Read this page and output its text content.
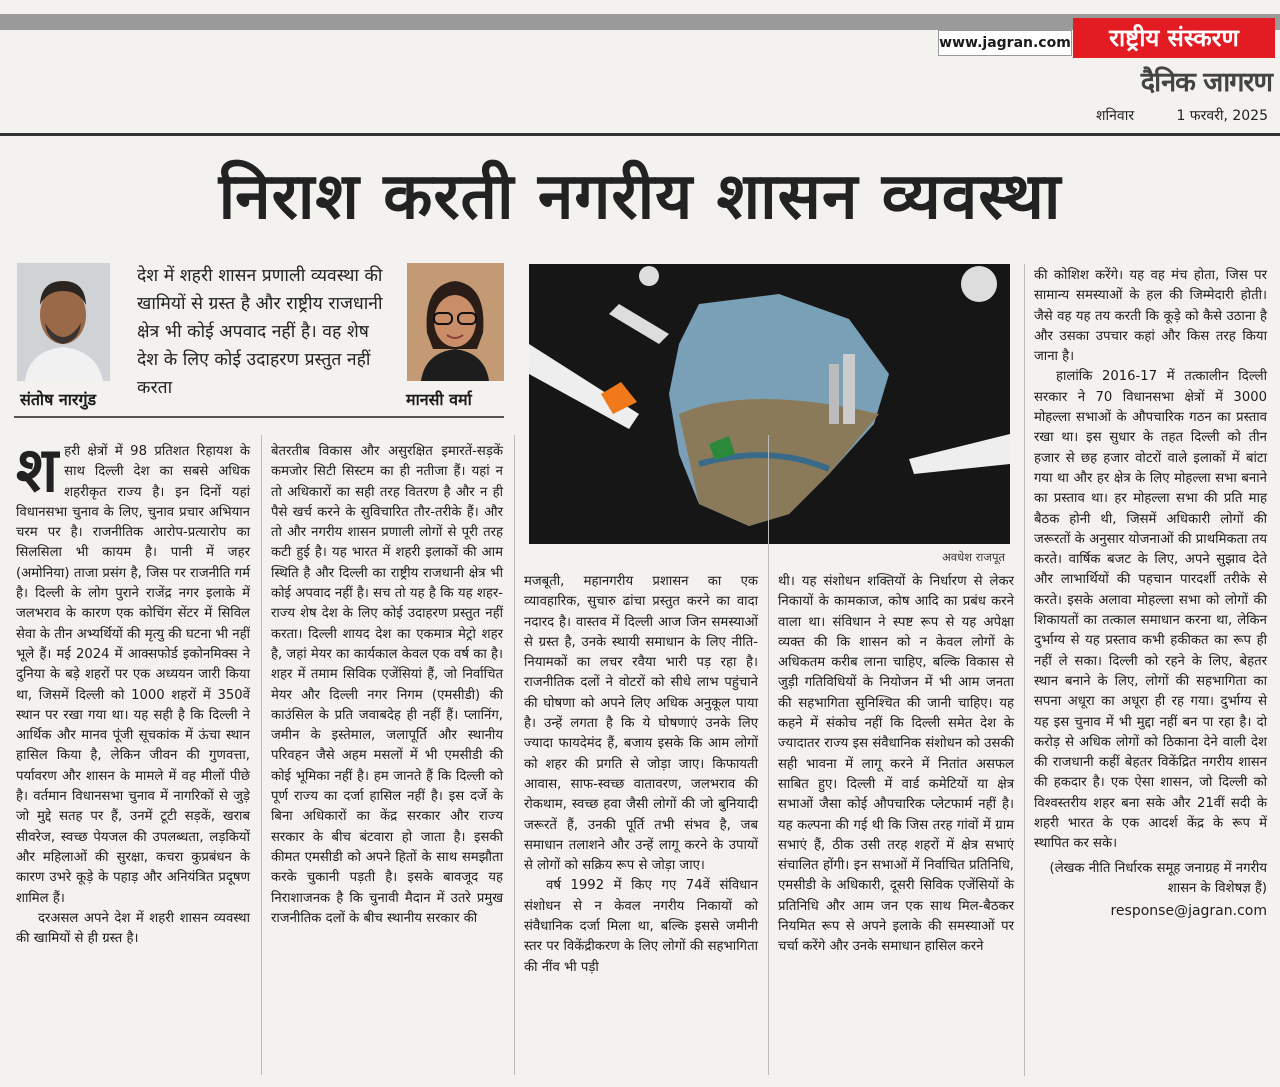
www.jagran.com	राष्ट्रीय संस्करण
दैनिक जागरण
शनिवार	1 फरवरी, 2025
निराश करती नगरीय शासन व्यवस्था
संतोष नारगुंड
देश में शहरी शासन प्रणाली व्यवस्था की खामियों से ग्रस्त है और राष्ट्रीय राजधानी क्षेत्र भी कोई अपवाद नहीं है। वह शेष देश के लिए कोई उदाहरण प्रस्तुत नहीं करता
मानसी वर्मा
अवधेश राजपूत

शहरी क्षेत्रों में 98 प्रतिशत रिहायश के साथ दिल्ली देश का सबसे अधिक शहरीकृत राज्य है। इन दिनों यहां विधानसभा चुनाव के लिए, चुनाव प्रचार अभियान चरम पर है। राजनीतिक आरोप-प्रत्यारोप का सिलसिला भी कायम है। पानी में जहर (अमोनिया) ताजा प्रसंग है, जिस पर राजनीति गर्म है। दिल्ली के लोग पुराने राजेंद्र नगर इलाके में जलभराव के कारण एक कोचिंग सेंटर में सिविल सेवा के तीन अभ्यर्थियों की मृत्यु की घटना भी नहीं भूले हैं। मई 2024 में आक्सफोर्ड इकोनमिक्स ने दुनिया के बड़े शहरों पर एक अध्ययन जारी किया था, जिसमें दिल्ली को 1000 शहरों में 350वें स्थान पर रखा गया था। यह सही है कि दिल्ली ने आर्थिक और मानव पूंजी सूचकांक में ऊंचा स्थान हासिल किया है, लेकिन जीवन की गुणवत्ता, पर्यावरण और शासन के मामले में वह मीलों पीछे है। वर्तमान विधानसभा चुनाव में नागरिकों से जुड़े जो मुद्दे सतह पर हैं, उनमें टूटी सड़कें, खराब सीवरेज, स्वच्छ पेयजल की उपलब्धता, लड़कियों और महिलाओं की सुरक्षा, कचरा कुप्रबंधन के कारण उभरे कूड़े के पहाड़ और अनियंत्रित प्रदूषण शामिल हैं।

दरअसल अपने देश में शहरी शासन व्यवस्था की खामियों से ही ग्रस्त है।

बेतरतीब विकास और असुरक्षित इमारतें-सड़कें कमजोर सिटी सिस्टम का ही नतीजा हैं। यहां न तो अधिकारों का सही तरह वितरण है और न ही पैसे खर्च करने के सुविचारित तौर-तरीके हैं। और तो और नगरीय शासन प्रणाली लोगों से पूरी तरह कटी हुई है। यह भारत में शहरी इलाकों की आम स्थिति है और दिल्ली का राष्ट्रीय राजधानी क्षेत्र भी कोई अपवाद नहीं है। सच तो यह है कि यह शहर-राज्य शेष देश के लिए कोई उदाहरण प्रस्तुत नहीं करता। दिल्ली शायद देश का एकमात्र मेट्रो शहर है, जहां मेयर का कार्यकाल केवल एक वर्ष का है। शहर में तमाम सिविक एजेंसियां हैं, जो निर्वाचित मेयर और दिल्ली नगर निगम (एमसीडी) की काउंसिल के प्रति जवाबदेह ही नहीं हैं। प्लानिंग, जमीन के इस्तेमाल, जलापूर्ति और स्थानीय परिवहन जैसे अहम मसलों में भी एमसीडी की कोई भूमिका नहीं है। हम जानते हैं कि दिल्ली को पूर्ण राज्य का दर्जा हासिल नहीं है। इस दर्जे के बिना अधिकारों का केंद्र सरकार और राज्य सरकार के बीच बंटवारा हो जाता है। इसकी कीमत एमसीडी को अपने हितों के साथ समझौता करके चुकानी पड़ती है। इसके बावजूद यह निराशाजनक है कि चुनावी मैदान में उतरे प्रमुख राजनीतिक दलों के बीच स्थानीय सरकार की

मजबूती, महानगरीय प्रशासन का एक व्यावहारिक, सुचारु ढांचा प्रस्तुत करने का वादा नदारद है। वास्तव में दिल्ली आज जिन समस्याओं से ग्रस्त है, उनके स्थायी समाधान के लिए नीति-नियामकों का लचर रवैया भारी पड़ रहा है। राजनीतिक दलों ने वोटरों को सीधे लाभ पहुंचाने की घोषणा को अपने लिए अधिक अनुकूल पाया है। उन्हें लगता है कि ये घोषणाएं उनके लिए ज्यादा फायदेमंद हैं, बजाय इसके कि आम लोगों को शहर की प्रगति से जोड़ा जाए। किफायती आवास, साफ-स्वच्छ वातावरण, जलभराव की रोकथाम, स्वच्छ हवा जैसी लोगों की जो बुनियादी जरूरतें हैं, उनकी पूर्ति तभी संभव है, जब समाधान तलाशने और उन्हें लागू करने के उपायों से लोगों को सक्रिय रूप से जोड़ा जाए।

वर्ष 1992 में किए गए 74वें संविधान संशोधन से न केवल नगरीय निकायों को संवैधानिक दर्जा मिला था, बल्कि इससे जमीनी स्तर पर विकेंद्रीकरण के लिए लोगों की सहभागिता की नींव भी पड़ी

थी। यह संशोधन शक्तियों के निर्धारण से लेकर निकायों के कामकाज, कोष आदि का प्रबंध करने वाला था। संविधान ने स्पष्ट रूप से यह अपेक्षा व्यक्त की कि शासन को न केवल लोगों के अधिकतम करीब लाना चाहिए, बल्कि विकास से जुड़ी गतिविधियों के नियोजन में भी आम जनता की सहभागिता सुनिश्चित की जानी चाहिए। यह कहने में संकोच नहीं कि दिल्ली समेत देश के ज्यादातर राज्य इस संवैधानिक संशोधन को उसकी सही भावना में लागू करने में नितांत असफल साबित हुए। दिल्ली में वार्ड कमेटियों या क्षेत्र सभाओं जैसा कोई औपचारिक प्लेटफार्म नहीं है। यह कल्पना की गई थी कि जिस तरह गांवों में ग्राम सभाएं हैं, ठीक उसी तरह शहरों में क्षेत्र सभाएं संचालित होंगी। इन सभाओं में निर्वाचित प्रतिनिधि, एमसीडी के अधिकारी, दूसरी सिविक एजेंसियों के प्रतिनिधि और आम जन एक साथ मिल-बैठकर नियमित रूप से अपने इलाके की समस्याओं पर चर्चा करेंगे और उनके समाधान हासिल करने

की कोशिश करेंगे। यह वह मंच होता, जिस पर सामान्य समस्याओं के हल की जिम्मेदारी होती। जैसे वह यह तय करती कि कूड़े को कैसे उठाना है और उसका उपचार कहां और किस तरह किया जाना है।

हालांकि 2016-17 में तत्कालीन दिल्ली सरकार ने 70 विधानसभा क्षेत्रों में 3000 मोहल्ला सभाओं के औपचारिक गठन का प्रस्ताव रखा था। इस सुधार के तहत दिल्ली को तीन हजार से छह हजार वोटरों वाले इलाकों में बांटा गया था और हर क्षेत्र के लिए मोहल्ला सभा बनाने का प्रस्ताव था। हर मोहल्ला सभा की प्रति माह बैठक होनी थी, जिसमें अधिकारी लोगों की जरूरतों के अनुसार योजनाओं की प्राथमिकता तय करते। वार्षिक बजट के लिए, अपने सुझाव देते और लाभार्थियों की पहचान पारदर्शी तरीके से करते। इसके अलावा मोहल्ला सभा को लोगों की शिकायतों का तत्काल समाधान करना था, लेकिन दुर्भाग्य से यह प्रस्ताव कभी हकीकत का रूप ही नहीं ले सका। दिल्ली को रहने के लिए, बेहतर स्थान बनाने के लिए, लोगों की सहभागिता का सपना अधूरा का अधूरा ही रह गया। दुर्भाग्य से यह इस चुनाव में भी मुद्दा नहीं बन पा रहा है। दो करोड़ से अधिक लोगों को ठिकाना देने वाली देश की राजधानी कहीं बेहतर विकेंद्रित नगरीय शासन की हकदार है। एक ऐसा शासन, जो दिल्ली को विश्वस्तरीय शहर बना सके और 21वीं सदी के शहरी भारत के एक आदर्श केंद्र के रूप में स्थापित कर सके।

(लेखक नीति निर्धारक समूह जनाग्रह में नगरीय शासन के विशेषज्ञ हैं)

response@jagran.com
